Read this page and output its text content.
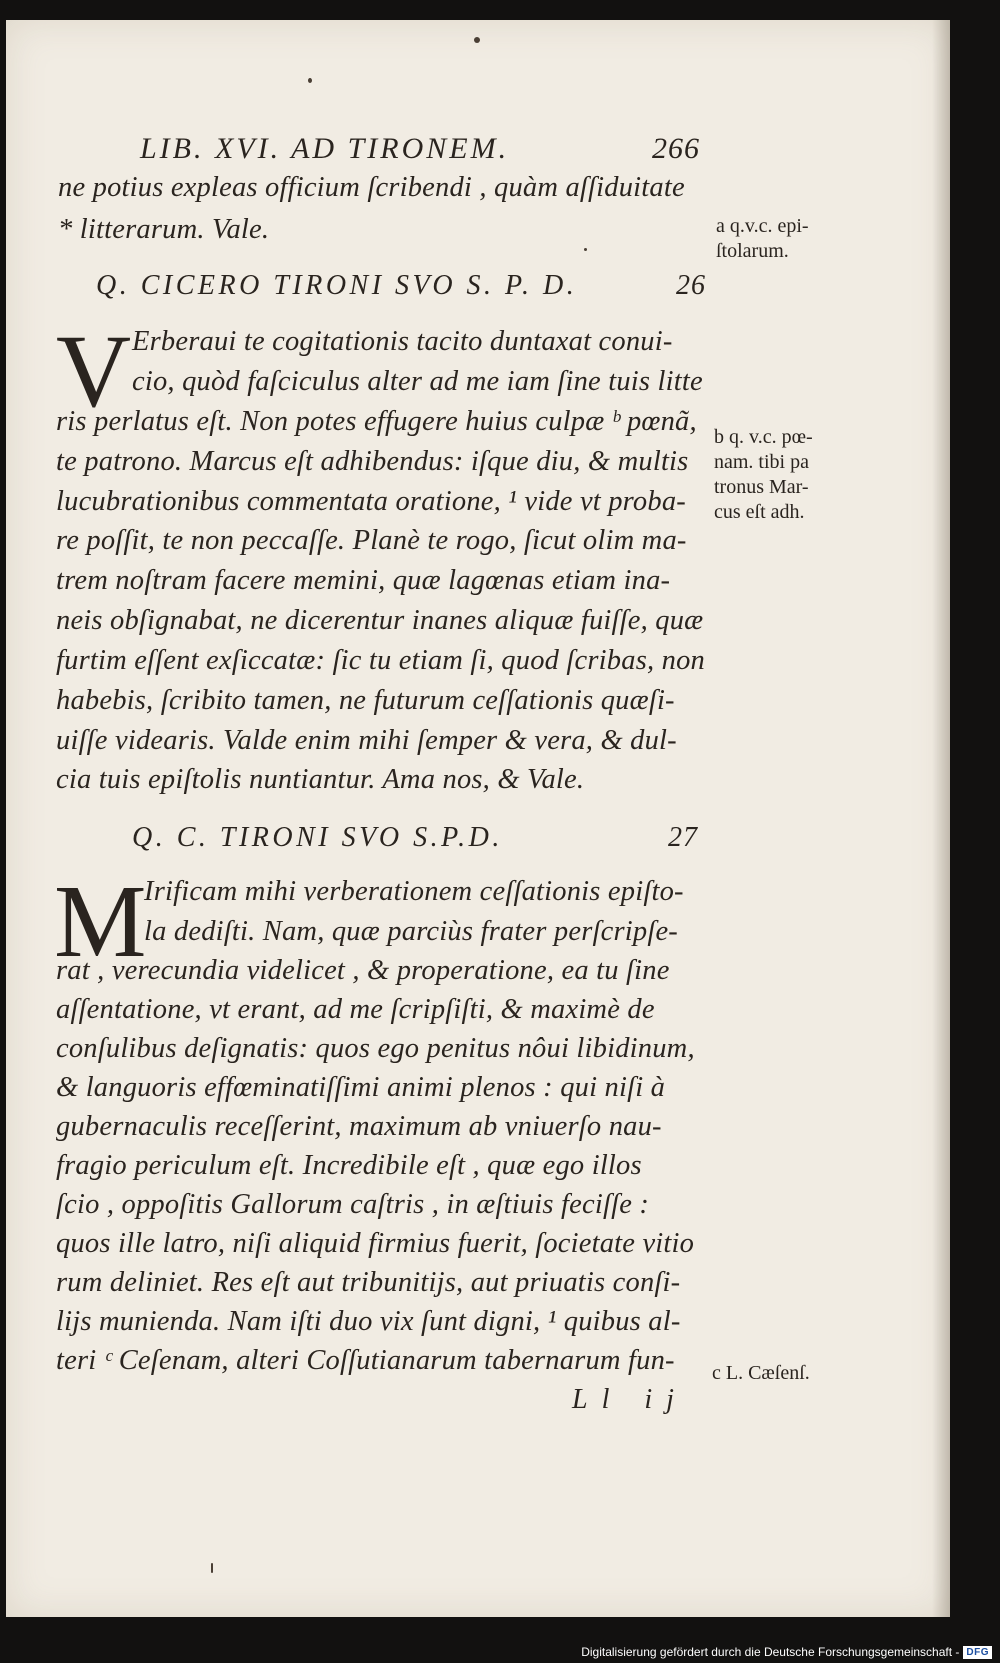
LIB. XVI. AD TIRONEM.	266
ne potius expleas officium ſcribendi , quàm aſſiduitate
* litterarum. Vale.
Q. CICERO TIRONI SVO S. P. D.	26
V Erberaui te cogitationis tacito duntaxat conui-
cio, quòd faſciculus alter ad me iam ſine tuis litte
ris perlatus eſt. Non potes effugere huius culpæ ᵇ pœnã,
te patrono. Marcus eſt adhibendus: iſque diu, & multis
lucubrationibus commentata oratione, ¹ vide vt proba-
re poſſit, te non peccaſſe. Planè te rogo, ſicut olim ma-
trem noſtram facere memini, quæ lagœnas etiam ina-
neis obſignabat, ne dicerentur inanes aliquæ fuiſſe, quæ
furtim eſſent exſiccatæ: ſic tu etiam ſi, quod ſcribas, non
habebis, ſcribito tamen, ne futurum ceſſationis quæſi-
uiſſe videaris. Valde enim mihi ſemper & vera, & dul-
cia tuis epiſtolis nuntiantur. Ama nos, & Vale.
Q. C. TIRONI SVO S.P.D.	27
M
Irificam mihi verberationem ceſſationis epiſto-
la dediſti. Nam, quæ parciùs frater perſcripſe-
rat , verecundia videlicet , & properatione, ea tu ſine
aſſentatione, vt erant, ad me ſcripſiſti, & maximè de
conſulibus deſignatis: quos ego penitus nôui libidinum,
& languoris effœminatiſſimi animi plenos : qui niſi à
gubernaculis receſſerint, maximum ab vniuerſo nau-
fragio periculum eſt. Incredibile eſt , quæ ego illos
ſcio , oppoſitis Gallorum caſtris , in æſtiuis feciſſe :
quos ille latro, niſi aliquid firmius fuerit, ſocietate vitio
rum deliniet. Res eſt aut tribunitijs, aut priuatis conſi-
lijs munienda. Nam iſti duo vix ſunt digni, ¹ quibus al-
teri ᶜ Ceſenam, alteri Coſſutianarum tabernarum fun-
a q.v.c. epi-
ſtolarum.
b q. v.c. pœ-
nam. tibi pa
tronus Mar-
cus eſt adh.
c L. Cæſenſ.
Ll ij
Digitalisierung gefördert durch die Deutsche Forschungsgemeinschaft - DFG
